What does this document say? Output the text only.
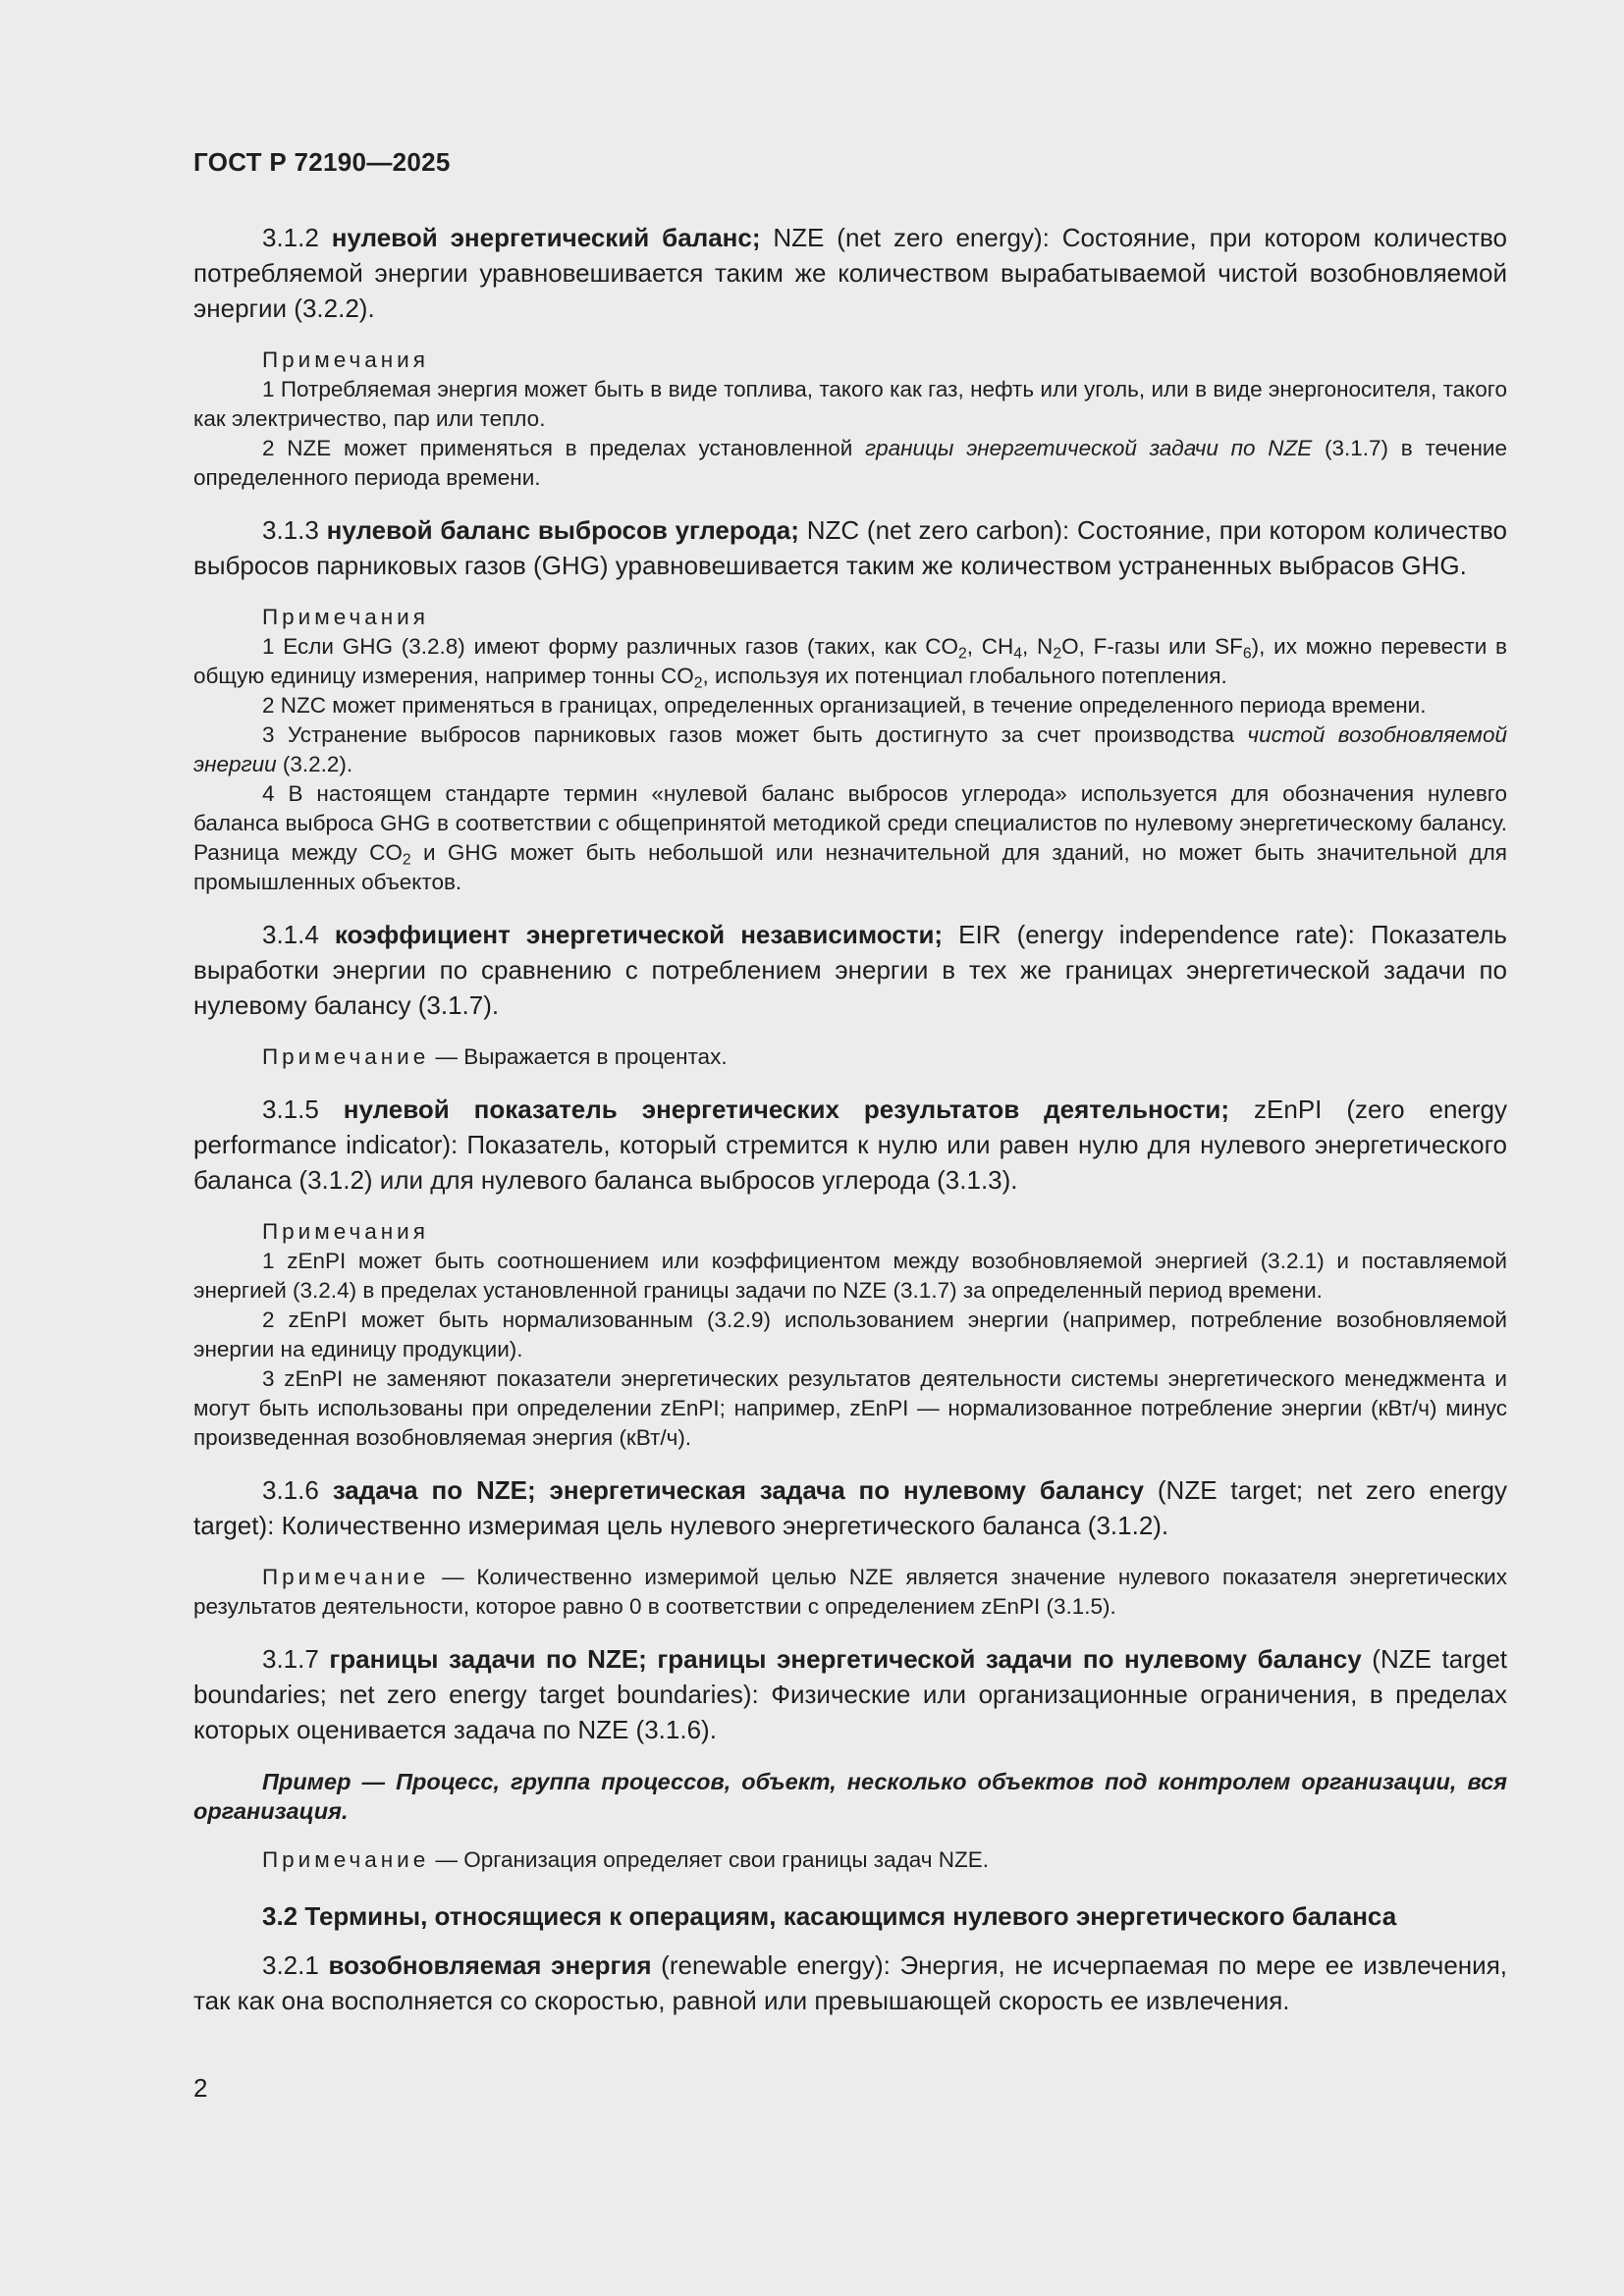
ГОСТ Р 72190—2025

3.1.2 нулевой энергетический баланс; NZE (net zero energy): Состояние, при котором количество потребляемой энергии уравновешивается таким же количеством вырабатываемой чистой возобновляемой энергии (3.2.2).

Примечания
1 Потребляемая энергия может быть в виде топлива, такого как газ, нефть или уголь, или в виде энергоносителя, такого как электричество, пар или тепло.
2 NZE может применяться в пределах установленной границы энергетической задачи по NZE (3.1.7) в течение определенного периода времени.

3.1.3 нулевой баланс выбросов углерода; NZC (net zero carbon): Состояние, при котором количество выбросов парниковых газов (GHG) уравновешивается таким же количеством устраненных выбрасов GHG.

Примечания
1 Если GHG (3.2.8) имеют форму различных газов (таких, как $CO_2$, $CH_4$, $N_2O$, F-газы или $SF_6$), их можно перевести в общую единицу измерения, например тонны $CO_2$, используя их потенциал глобального потепления.
2 NZC может применяться в границах, определенных организацией, в течение определенного периода времени.
3 Устранение выбросов парниковых газов может быть достигнуто за счет производства чистой возобновляемой энергии (3.2.2).
4 В настоящем стандарте термин «нулевой баланс выбросов углерода» используется для обозначения нулевго баланса выброса GHG в соответствии с общепринятой методикой среди специалистов по нулевому энергетическому балансу. Разница между $CO_2$ и GHG может быть небольшой или незначительной для зданий, но может быть значительной для промышленных объектов.

3.1.4 коэффициент энергетической независимости; EIR (energy independence rate): Показатель выработки энергии по сравнению с потреблением энергии в тех же границах энергетической задачи по нулевому балансу (3.1.7).

Примечание — Выражается в процентах.

3.1.5 нулевой показатель энергетических результатов деятельности; zEnPI (zero energy performance indicator): Показатель, который стремится к нулю или равен нулю для нулевого энергетического баланса (3.1.2) или для нулевого баланса выбросов углерода (3.1.3).

Примечания
1 zEnPI может быть соотношением или коэффициентом между возобновляемой энергией (3.2.1) и поставляемой энергией (3.2.4) в пределах установленной границы задачи по NZE (3.1.7) за определенный период времени.
2 zEnPI может быть нормализованным (3.2.9) использованием энергии (например, потребление возобновляемой энергии на единицу продукции).
3 zEnPI не заменяют показатели энергетических результатов деятельности системы энергетического менеджмента и могут быть использованы при определении zEnPI; например, zEnPI — нормализованное потребление энергии (кВт/ч) минус произведенная возобновляемая энергия (кВт/ч).

3.1.6 задача по NZE; энергетическая задача по нулевому балансу (NZE target; net zero energy target): Количественно измеримая цель нулевого энергетического баланса (3.1.2).

Примечание — Количественно измеримой целью NZE является значение нулевого показателя энергетических результатов деятельности, которое равно 0 в соответствии с определением zEnPI (3.1.5).

3.1.7 границы задачи по NZE; границы энергетической задачи по нулевому балансу (NZE target boundaries; net zero energy target boundaries): Физические или организационные ограничения, в пределах которых оценивается задача по NZE (3.1.6).

Пример — Процесс, группа процессов, объект, несколько объектов под контролем организации, вся организация.

Примечание — Организация определяет свои границы задач NZE.

3.2 Термины, относящиеся к операциям, касающимся нулевого энергетического баланса

3.2.1 возобновляемая энергия (renewable energy): Энергия, не исчерпаемая по мере ее извлечения, так как она восполняется со скоростью, равной или превышающей скорость ее извлечения.

2
